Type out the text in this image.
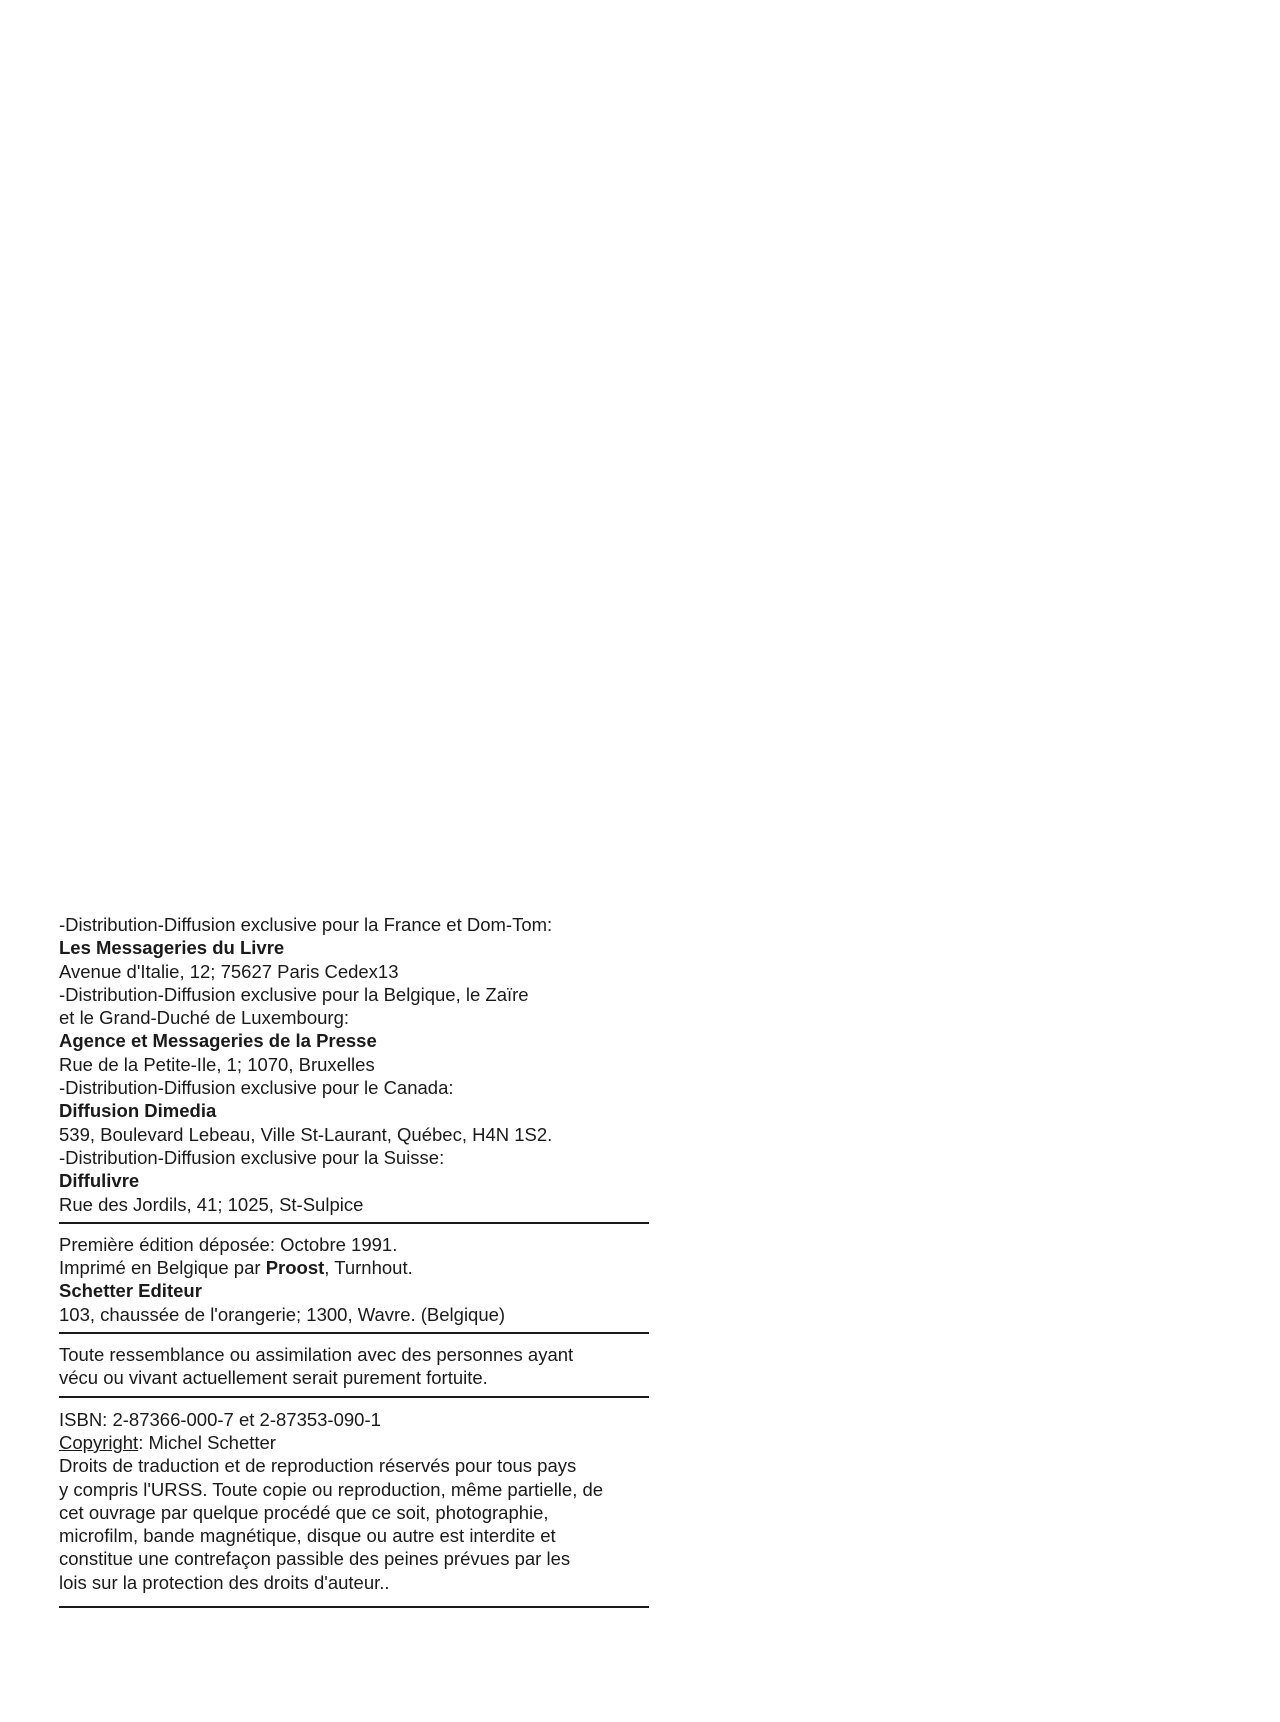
-Distribution-Diffusion exclusive pour la France et Dom-Tom:
Les Messageries du Livre
Avenue d'Italie, 12; 75627 Paris Cedex13
-Distribution-Diffusion exclusive pour la Belgique, le Zaïre
et le Grand-Duché de Luxembourg:
Agence et Messageries de la Presse
Rue de la Petite-Ile, 1; 1070, Bruxelles
-Distribution-Diffusion exclusive pour le Canada:
Diffusion Dimedia
539, Boulevard Lebeau, Ville St-Laurant, Québec, H4N 1S2.
-Distribution-Diffusion exclusive pour la Suisse:
Diffulivre
Rue des Jordils, 41; 1025, St-Sulpice
Première édition déposée: Octobre 1991.
Imprimé en Belgique par Proost, Turnhout.
Schetter Editeur
103, chaussée de l'orangerie; 1300, Wavre. (Belgique)
Toute ressemblance ou assimilation avec des personnes ayant
vécu ou vivant actuellement serait purement fortuite.
ISBN: 2-87366-000-7 et 2-87353-090-1
Copyright: Michel Schetter
Droits de traduction et de reproduction réservés pour tous pays
y compris l'URSS. Toute copie ou reproduction, même partielle, de
cet ouvrage par quelque procédé que ce soit, photographie,
microfilm, bande magnétique, disque ou autre est interdite et
constitue une contrefaçon passible des peines prévues par les
lois sur la protection des droits d'auteur..
